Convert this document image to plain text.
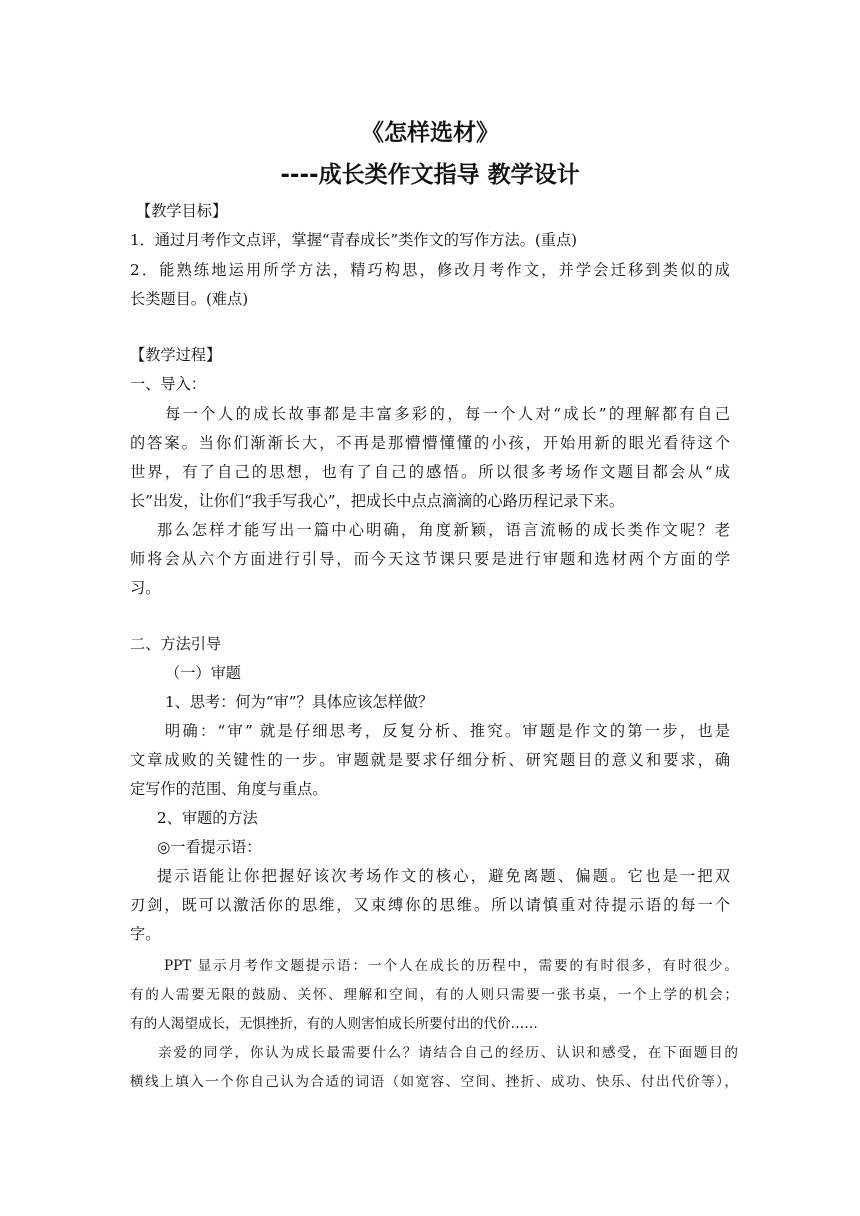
《怎样选材》
----成长类作文指导 教学设计
【教学目标】
1．通过月考作文点评，掌握“青春成长”类作文的写作方法。(重点)
2．能熟练地运用所学方法，精巧构思，修改月考作文，并学会迁移到类似的成
长类题目。(难点)
【教学过程】
一、导入：
每一个人的成长故事都是丰富多彩的，每一个人对“成长”的理解都有自己
的答案。当你们渐渐长大，不再是那懵懵懂懂的小孩，开始用新的眼光看待这个
世界，有了自己的思想，也有了自己的感悟。所以很多考场作文题目都会从“成
长”出发，让你们“我手写我心”，把成长中点点滴滴的心路历程记录下来。
那么怎样才能写出一篇中心明确，角度新颖，语言流畅的成长类作文呢？老
师将会从六个方面进行引导，而今天这节课只要是进行审题和选材两个方面的学
习。
二、方法引导
（一）审题
1、思考：何为“审”？具体应该怎样做？
明确：“审” 就是仔细思考，反复分析、推究。审题是作文的第一步，也是
文章成败的关键性的一步。审题就是要求仔细分析、研究题目的意义和要求，确
定写作的范围、角度与重点。
2、审题的方法
◎一看提示语：
提示语能让你把握好该次考场作文的核心，避免离题、偏题。它也是一把双
刃剑，既可以激活你的思维，又束缚你的思维。所以请慎重对待提示语的每一个
字。
PPT 显示月考作文题提示语：一个人在成长的历程中，需要的有时很多，有时很少。
有的人需要无限的鼓励、关怀、理解和空间，有的人则只需要一张书桌，一个上学的机会；
有的人渴望成长，无惧挫折，有的人则害怕成长所要付出的代价……
亲爱的同学，你认为成长最需要什么？请结合自己的经历、认识和感受，在下面题目的
横线上填入一个你自己认为合适的词语（如宽容、空间、挫折、成功、快乐、付出代价等），
